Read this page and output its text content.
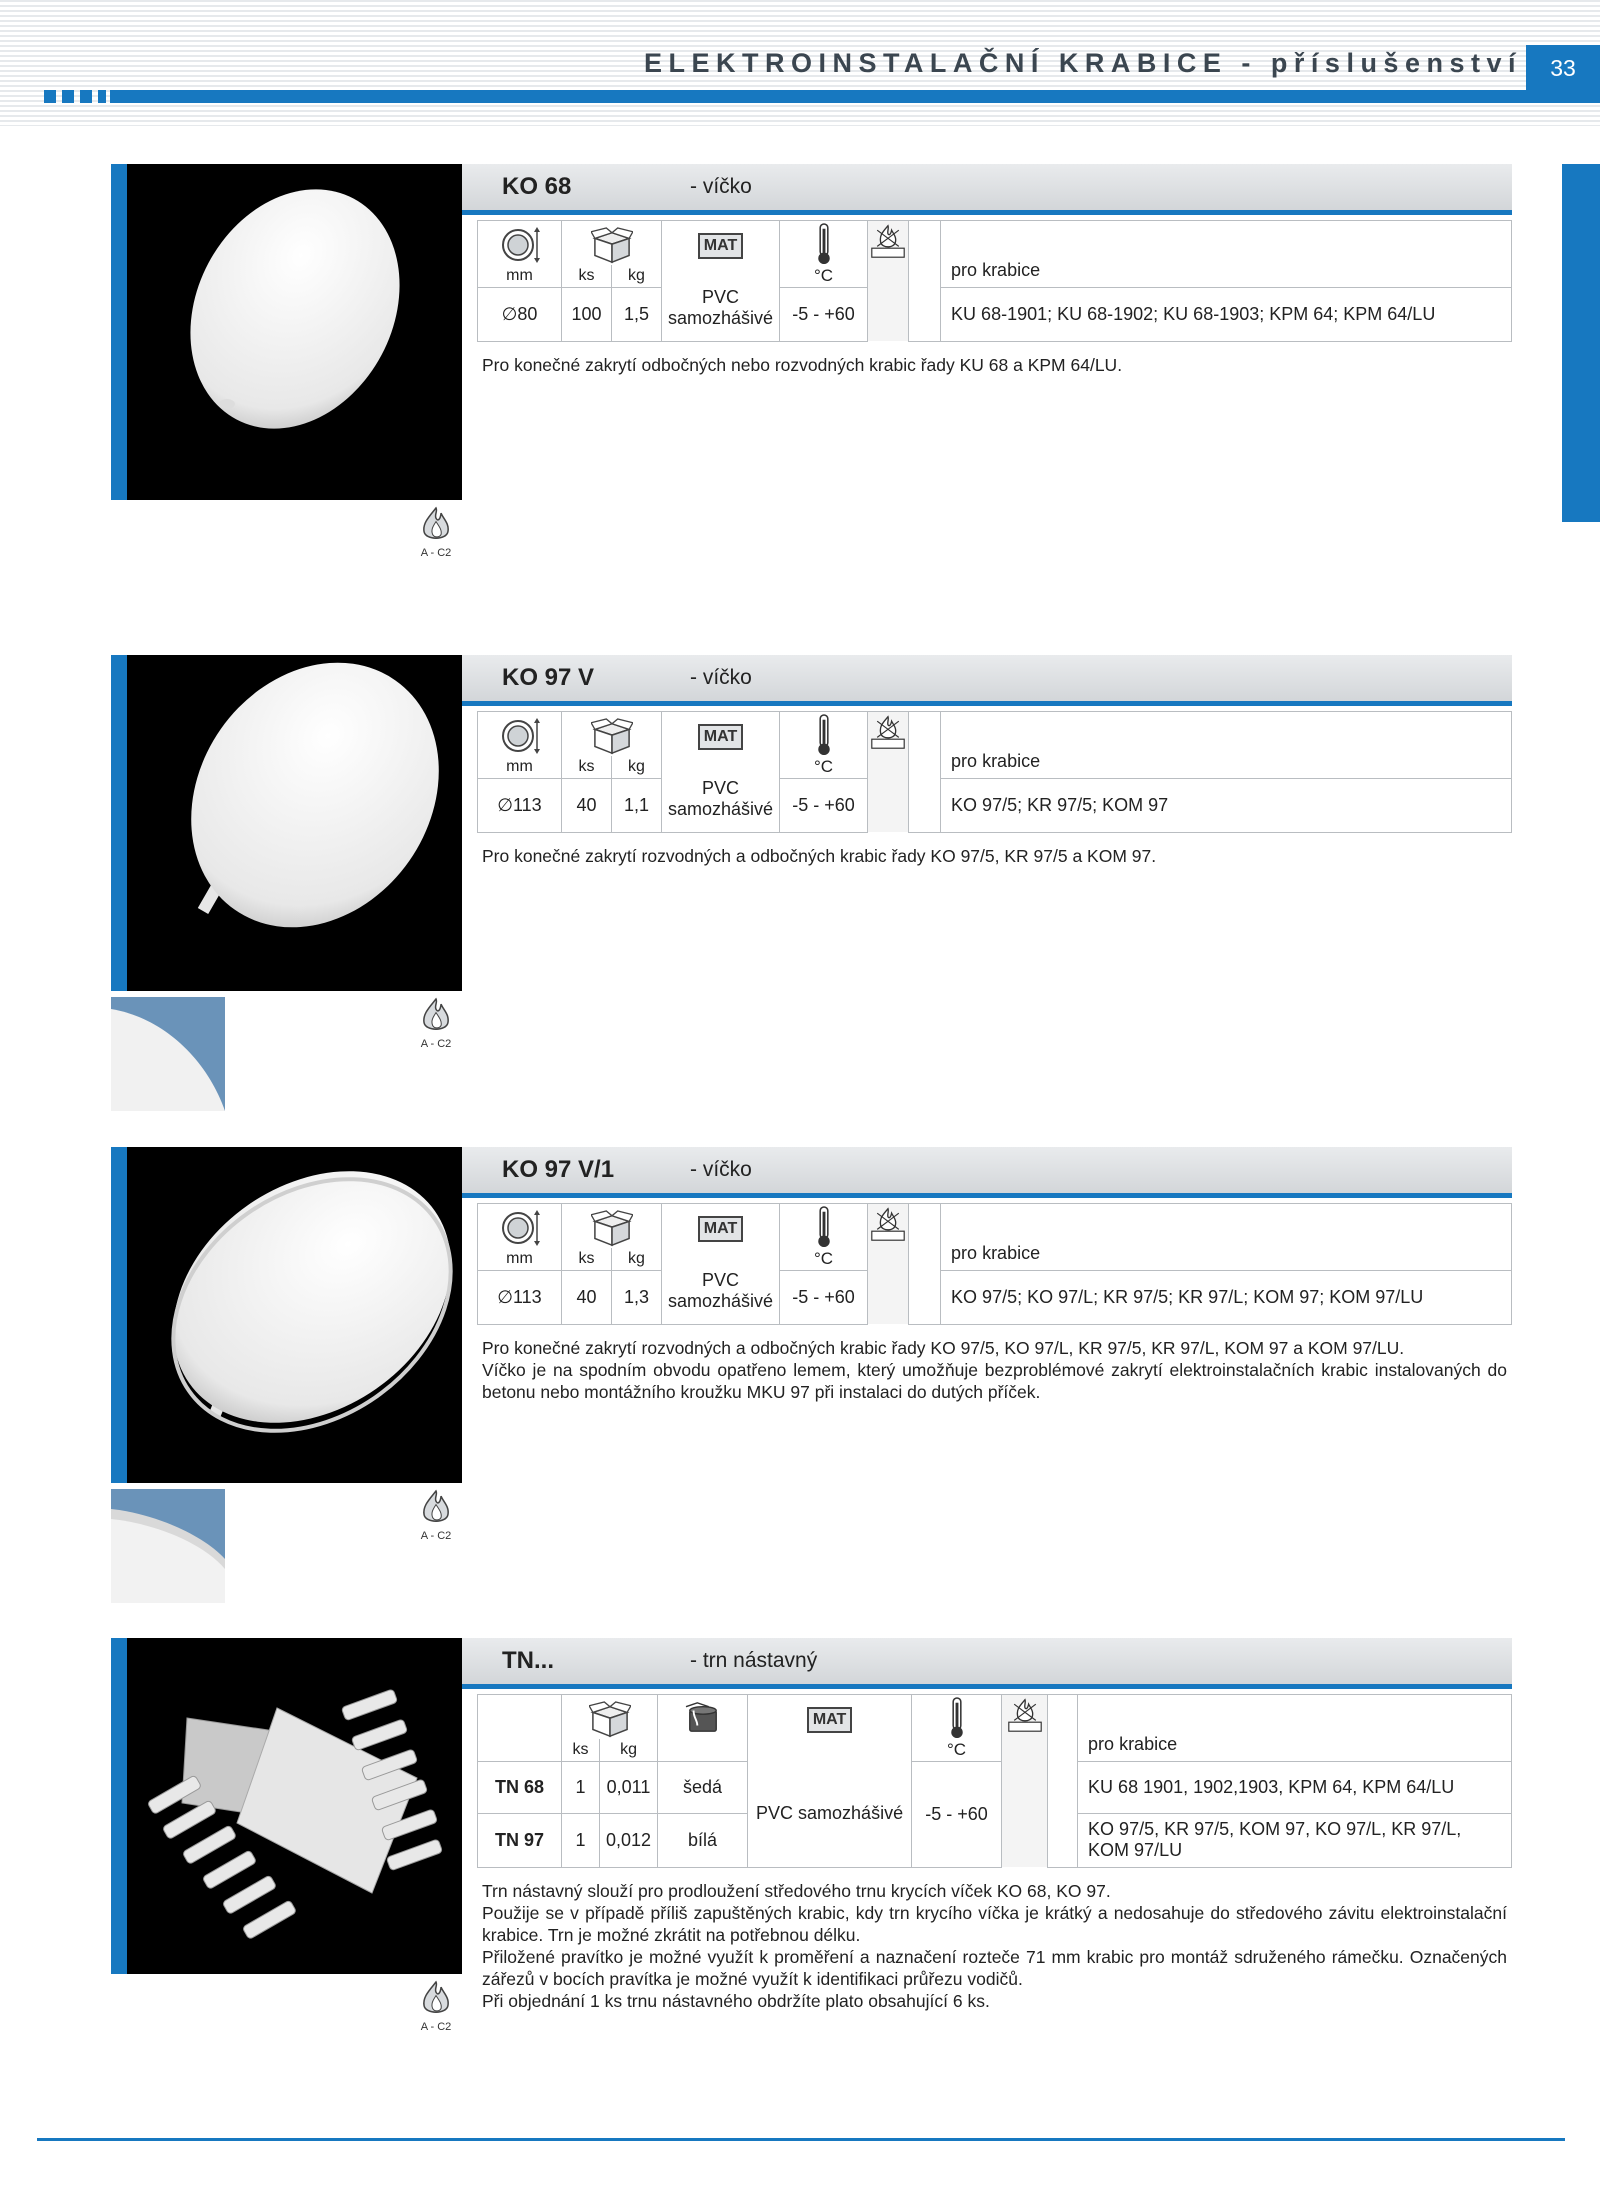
ELEKTROINSTALAČNÍ KRABICE - příslušenství	33
A - C2
KO 68	- víčko

	MAT				pro krabice
mm	ks	kg		°C			
∅80	100	1,5	PVC samozhášivé	-5 - +60			KU 68-1901; KU 68-1902; KU 68-1903; KPM 64; KPM 64/LU

Pro konečné zakrytí odbočných nebo rozvodných krabic řady KU 68 a KPM 64/LU.

A - C2
KO 97 V	- víčko

	MAT				pro krabice
mm	ks	kg		°C			
∅113	40	1,1	PVC samozhášivé	-5 - +60			KO 97/5; KR 97/5; KOM 97

Pro konečné zakrytí rozvodných a odbočných krabic řady KO 97/5, KR 97/5 a KOM 97.

A - C2
KO 97 V/1	- víčko

	MAT				pro krabice
mm	ks	kg		°C			
∅113	40	1,3	PVC samozhášivé	-5 - +60			KO 97/5; KO 97/L; KR 97/5; KR 97/L; KOM 97; KOM 97/LU

Pro konečné zakrytí rozvodných a odbočných krabic řady KO 97/5, KO 97/L, KR 97/5, KR 97/L, KOM 97 a KOM 97/LU.

Víčko je na spodním obvodu opatřeno lemem, který umožňuje bezproblémové zakrytí elektroinstalačních krabic instalovaných do betonu nebo montážního kroužku MKU 97 při instalaci do dutých příček.

A - C2
TN...	- trn nástavný

	MAT				pro krabice
	ks	kg			°C			
TN 68	1	0,011	šedá	PVC samozhášivé	-5 - +60			KU 68 1901, 1902,1903, KPM 64, KPM 64/LU
TN 97	1	0,012	bílá					KO 97/5, KR 97/5, KOM 97, KO 97/L, KR 97/L, KOM 97/LU

Trn nástavný slouží pro prodloužení středového trnu krycích víček KO 68, KO 97.

Použije se v případě příliš zapuštěných krabic, kdy trn krycího víčka je krátký a nedosahuje do středového závitu elektroinstalační krabice. Trn je možné zkrátit na potřebnou délku.

Přiložené pravítko je možné využít k proměření a naznačení rozteče 71 mm krabic pro montáž sdruženého rámečku. Označených zářezů v bocích pravítka je možné využít k identifikaci průřezu vodičů.

Při objednání 1 ks trnu nástavného obdržíte plato obsahující 6 ks.
